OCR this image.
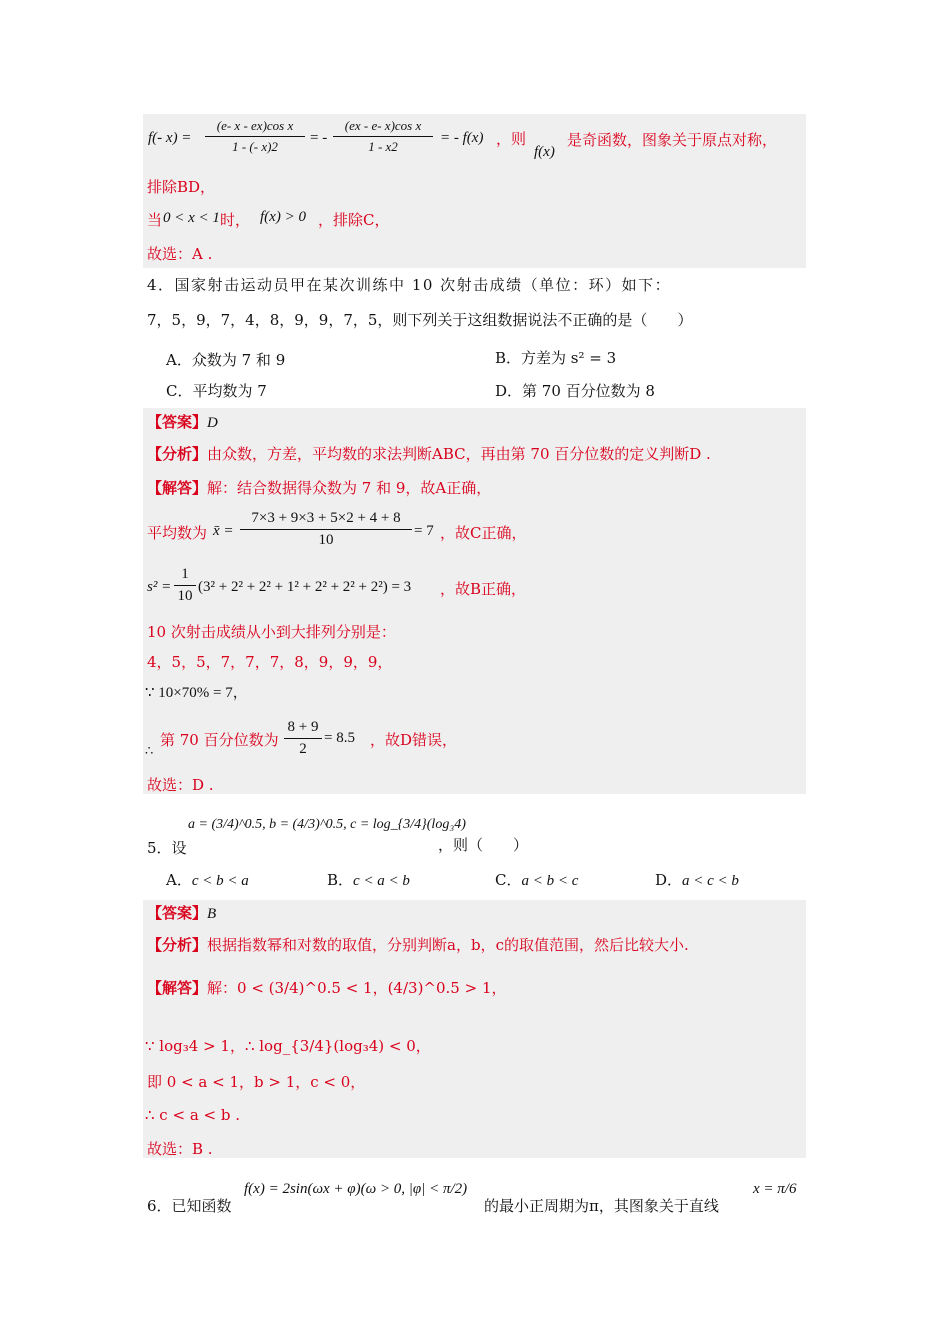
f(- x) =
(e- x - ex)cos x
1 - (- x)2
= -
(ex - e- x)cos x
1 - x2
= - f(x) ，则
f(x)
是奇函数，图象关于原点对称，
排除BD，
当 0 < x < 1 时， f(x) > 0 ，排除C，
故选：A .
4．国家射击运动员甲在某次训练中 10 次射击成绩（单位：环）如下：
7，5，9，7，4，8，9，9，7，5，则下列关于这组数据说法不正确的是（　　）
A．众数为 7 和 9	B．方差为 s² = 3
C．平均数为 7	D．第 70 百分位数为 8
【答案】D
【分析】由众数，方差，平均数的求法判断ABC，再由第 70 百分位数的定义判断D .
【解答】解：结合数据得众数为 7 和 9，故A正确，
平均数为 x̄ =
7×3 + 9×3 + 5×2 + 4 + 8
10
= 7 ，故C正确，
s² =
1
10
(3² + 2² + 2² + 1² + 2² + 2² + 2²) = 3 ，故B正确，
10 次射击成绩从小到大排列分别是：
4，5，5，7，7，7，8，9，9，9，
∵ 10×70% = 7，
∴
第 70 百分位数为
8 + 9
2
= 8.5 ，故D错误，
故选：D .
5．设
a = (3/4)^0.5, b = (4/3)^0.5, c = log_{3/4}(log₃4)
，则（　　）
A．c < b < a	B．c < a < b	C．a < b < c	D．a < c < b
【答案】B
【分析】根据指数幂和对数的取值，分别判断a，b，c的取值范围，然后比较大小.
【解答】解：0 < (3/4)^0.5 < 1，(4/3)^0.5 > 1，
∵ log₃4 > 1，∴ log_{3/4}(log₃4) < 0，
即 0 < a < 1，b > 1，c < 0，
∴ c < a < b .
故选：B .
6．已知函数
f(x) = 2sin(ωx + φ)(ω > 0, |φ| < π/2)
的最小正周期为π，其图象关于直线
x = π/6
